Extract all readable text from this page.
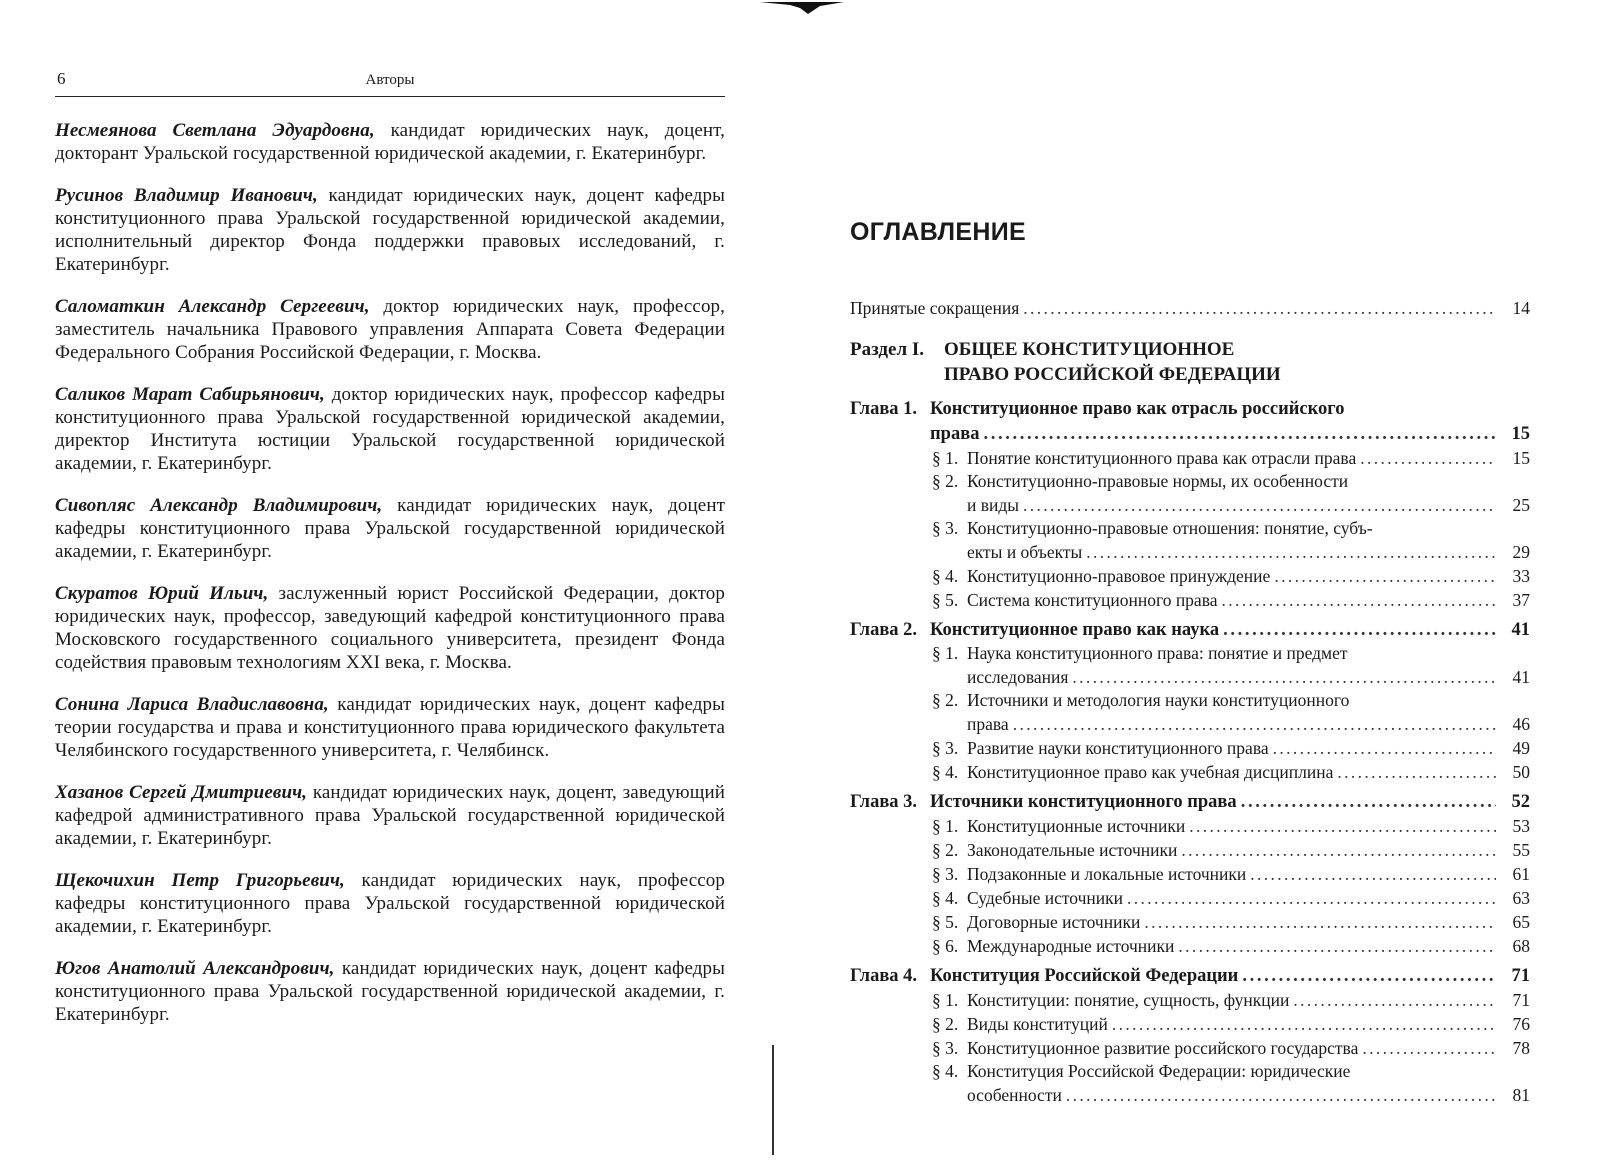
6	Авторы

Несмеянова Светлана Эдуардовна, кандидат юридических наук, доцент, докторант Уральской государственной юридической академии, г. Екатеринбург.

Русинов Владимир Иванович, кандидат юридических наук, доцент кафедры конституционного права Уральской государственной юридической академии, исполнительный директор Фонда поддержки правовых исследований, г. Екатеринбург.

Саломаткин Александр Сергеевич, доктор юридических наук, профессор, заместитель начальника Правового управления Аппарата Совета Федерации Федерального Собрания Российской Федерации, г. Москва.

Саликов Марат Сабирьянович, доктор юридических наук, профессор кафедры конституционного права Уральской государственной юридической академии, директор Института юстиции Уральской государственной юридической академии, г. Екатеринбург.

Сивопляс Александр Владимирович, кандидат юридических наук, доцент кафедры конституционного права Уральской государственной юридической академии, г. Екатеринбург.

Скуратов Юрий Ильич, заслуженный юрист Российской Федерации, доктор юридических наук, профессор, заведующий кафедрой конституционного права Московского государственного социального университета, президент Фонда содействия правовым технологиям XXI века, г. Москва.

Сонина Лариса Владиславовна, кандидат юридических наук, доцент кафедры теории государства и права и конституционного права юридического факультета Челябинского государственного университета, г. Челябинск.

Хазанов Сергей Дмитриевич, кандидат юридических наук, доцент, заведующий кафедрой административного права Уральской государственной юридической академии, г. Екатеринбург.

Щекочихин Петр Григорьевич, кандидат юридических наук, профессор кафедры конституционного права Уральской государственной юридической академии, г. Екатеринбург.

Югов Анатолий Александрович, кандидат юридических наук, доцент кафедры конституционного права Уральской государственной юридической академии, г. Екатеринбург.

ОГЛАВЛЕНИЕ
Принятые сокращения . . .	14
Раздел I. ОБЩЕЕ КОНСТИТУЦИОННОЕ
ПРАВО РОССИЙСКОЙ ФЕДЕРАЦИИ
Глава 1. Конституционное право как отрасль российского
права . . .	15
§ 1. Понятие конституционного права как отрасли права . . .	15
§ 2. Конституционно-правовые нормы, их особенности
и виды . . .	25
§ 3. Конституционно-правовые отношения: понятие, субъ-
екты и объекты . . .	29
§ 4. Конституционно-правовое принуждение . . .	33
§ 5. Система конституционного права . . .	37
Глава 2. Конституционное право как наука . . .	41
§ 1. Наука конституционного права: понятие и предмет
исследования . . .	41
§ 2. Источники и методология науки конституционного
права . . .	46
§ 3. Развитие науки конституционного права . . .	49
§ 4. Конституционное право как учебная дисциплина . . .	50
Глава 3. Источники конституционного права . . .	52
§ 1. Конституционные источники . . .	53
§ 2. Законодательные источники . . .	55
§ 3. Подзаконные и локальные источники . . .	61
§ 4. Судебные источники . . .	63
§ 5. Договорные источники . . .	65
§ 6. Международные источники . . .	68
Глава 4. Конституция Российской Федерации . . .	71
§ 1. Конституции: понятие, сущность, функции . . .	71
§ 2. Виды конституций . . .	76
§ 3. Конституционное развитие российского государства . . .	78
§ 4. Конституция Российской Федерации: юридические
особенности . . .	81
